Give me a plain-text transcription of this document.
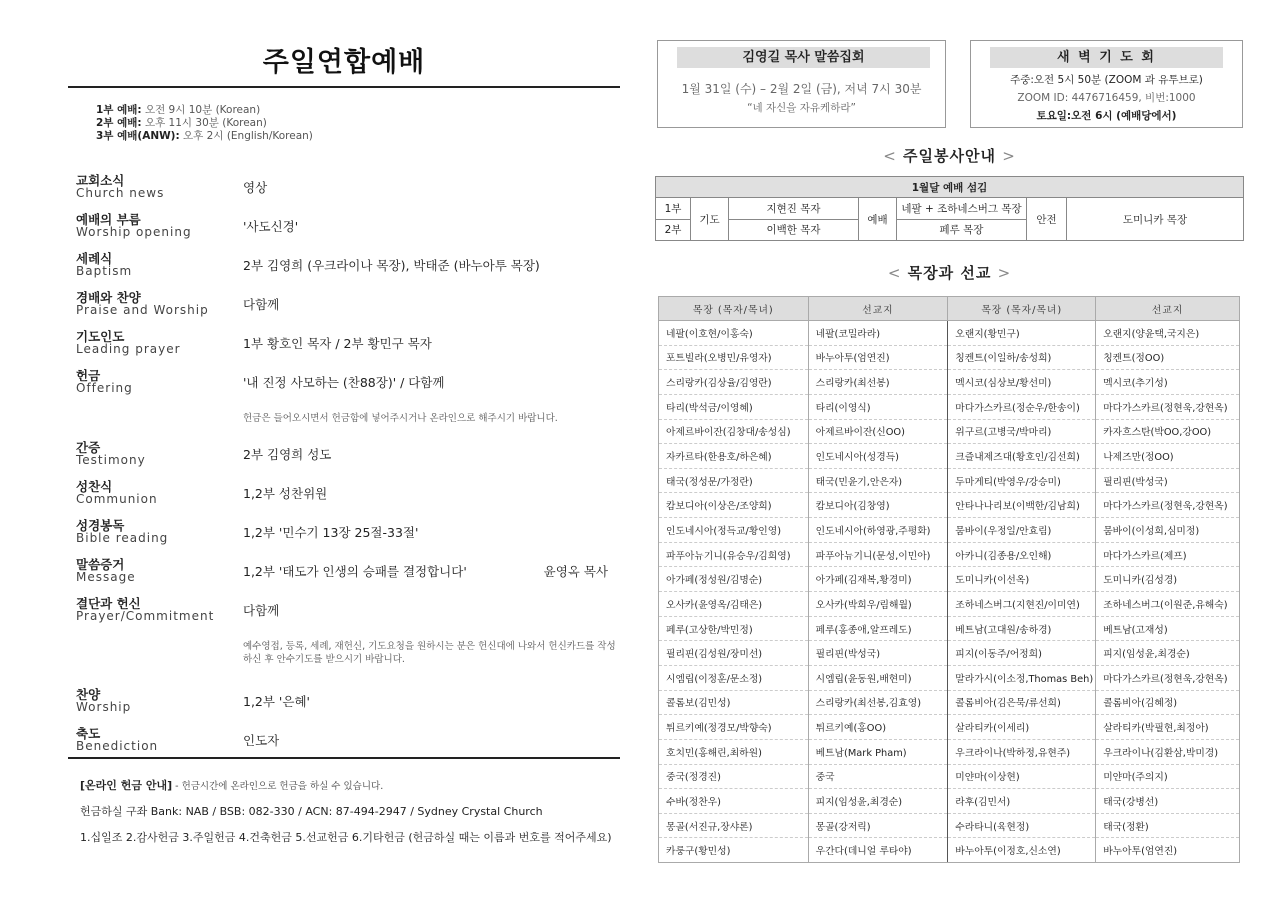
주일연합예배
1부 예배: 오전 9시 10분 (Korean)
2부 예배: 오후 11시 30분 (Korean)
3부 예배(ANW): 오후 2시 (English/Korean)
교회소식
Church news	영상
예배의 부름
Worship opening	'사도신경'
세례식
Baptism	2부 김영희 (우크라이나 목장), 박태준 (바누아투 목장)
경배와 찬양
Praise and Worship	다함께
기도인도
Leading prayer	1부 황호인 목자 / 2부 황민구 목자
헌금
Offering	'내 진정 사모하는 (찬88장)' / 다함께
헌금은 들어오시면서 헌금함에 넣어주시거나 온라인으로 해주시기 바랍니다.
간증
Testimony	2부 김영희 성도
성찬식
Communion	1,2부 성찬위원
성경봉독
Bible reading	1,2부 '민수기 13장 25절-33절'
말씀증거
Message	1,2부 '태도가 인생의 승패를 결정합니다'	윤영옥 목사
결단과 헌신
Prayer/Commitment 다함께
예수영접, 등록, 세례, 재헌신, 기도요청을 원하시는 분은 헌신대에 나와서 헌신카드를 작성하신 후 안수기도를 받으시기 바랍니다.
찬양
Worship	1,2부 '은혜'
축도
Benediction	인도자
[온라인 헌금 안내] - 헌금시간에 온라인으로 헌금을 하실 수 있습니다.
헌금하실 구좌 Bank: NAB / BSB: 082-330 / ACN: 87-494-2947 / Sydney Crystal Church
1.십일조 2.감사헌금 3.주일헌금 4.건축헌금 5.선교헌금 6.기타헌금 (헌금하실 때는 이름과 번호를 적어주세요)
김영길 목사 말씀집회
1월 31일 (수) – 2월 2일 (금), 저녁 7시 30분
“네 자신을 자유케하라”
새 벽 기 도 회
주중:오전 5시 50분 (ZOOM 과 유투브로)
ZOOM ID: 4476716459, 비번:1000
토요일:오전 6시 (예배당에서)
< 주일봉사안내 >
1월달 예배 섬김						
1부	기도	지현진 목자	예배	네팔 + 조하네스버그 목장	안전	도미니카 목장
2부		이백한 목자		페루 목장		
< 목장과 선교 >
목장 (목자/목녀)	선교지	목장 (목자/목녀)	선교지
네팔(이호현/이홍숙)	네팔(코밀라라)	오랜지(황민구)	오랜지(양윤택,국지은)
포트빌라(오병민/유영자)	바누아투(엄연진)	칭켄트(이일하/송성희)	칭켄트(정OO)
스리랑카(김상율/김영란)	스리랑카(최선봉)	멕시코(심상보/황선미)	멕시코(추기성)
타리(박석금/이영혜)	타리(이영식)	마다가스카르(정순우/한송이)	마다가스카르(정현욱,강현옥)
아제르바이잔(김창대/송성심)	아제르바이잔(신OO)	위구르(고병국/박마리)	카자흐스탄(박OO,강OO)
자카르타(한용호/하은혜)	인도네시아(성경득)	크즐내제즈대(황호인/김선희)	나제즈만(정OO)
태국(정성문/가정란)	태국(민윤기,안은자)	두마게티(박영우/강승미)	필리핀(박성국)
캄보디아(이상은/조양희)	캄보디아(김창영)	안타나나리보(이백한/김남희)	마다가스카르(정현욱,강현옥)
인도네시아(정득교/황인영)	인도네시아(하영광,주평화)	뭄바이(우정일/안효림)	뭄바이(이성희,심미정)
파푸아뉴기니(유승우/김희영)	파푸아뉴기니(문성,이민아)	아카니(김종용/오인해)	마다가스카르(제프)
아가페(정성원/김명순)	아가페(김재복,황경미)	도미니카(이선옥)	도미니카(김성경)
오사카(윤영옥/김태은)	오사카(박희우/림해월)	조하네스버그(지현진/이미연)	조하네스버그(이원준,유해숙)
페루(고상한/박민정)	페루(홍종애,알프레도)	베트남(고대원/송하경)	베트남(고재성)
필리핀(김성원/장미선)	필리핀(박성국)	피지(이동주/어정희)	피지(임성윤,최경순)
시엠립(이정훈/문소정)	시엠립(윤동원,배현미)	말라가시(이소정,Thomas Beh)	마다가스카르(정현욱,강현옥)
콜롬보(김민성)	스리랑카(최선봉,김효영)	콜롬비아(김은묵/류선희)	콜롬비아(김혜정)
튀르키예(정경모/박향숙)	튀르키예(홍OO)	살라티카(이세리)	살라티카(박필현,최정아)
호치민(홍해린,최하원)	베트남(Mark Pham)	우크라이나(박하정,유현주)	우크라이나(김환삼,박미경)
중국(정경진)	중국	미얀마(이상현)	미얀마(주의지)
수바(정찬우)	피지(임성윤,최경순)	라후(김민서)	태국(강병선)
몽골(서진규,장샤론)	몽골(강저릭)	수라타니(육현정)	태국(정환)
카룽구(황민성)	우간다(데니얼 루타야)	바누아투(이정호,신소연)	바누아투(엄연진)
